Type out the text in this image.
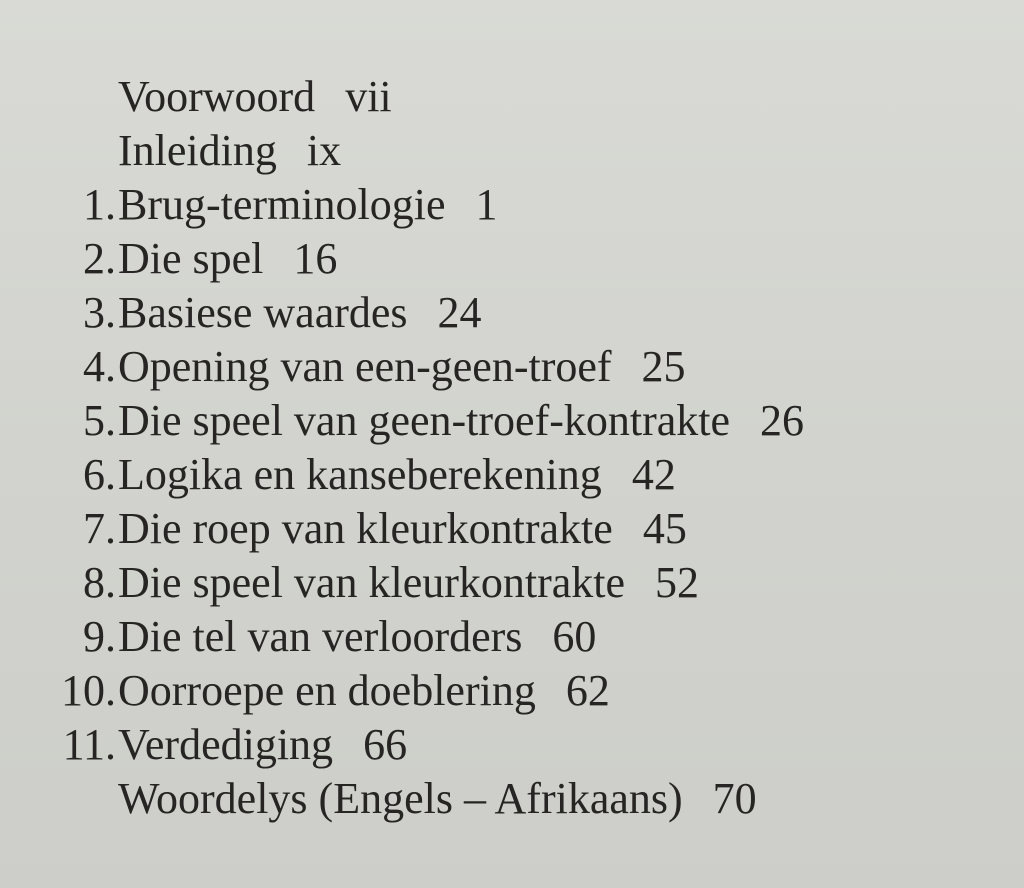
Voorwoord vii
Inleiding ix
1. Brug-terminologie 1
2. Die spel 16
3. Basiese waardes 24
4. Opening van een-geen-troef 25
5. Die speel van geen-troef-kontrakte 26
6. Logika en kanseberekening 42
7. Die roep van kleurkontrakte 45
8. Die speel van kleurkontrakte 52
9. Die tel van verloorders 60
10. Oorroepe en doeblering 62
11. Verdediging 66
Woordelys (Engels – Afrikaans) 70
